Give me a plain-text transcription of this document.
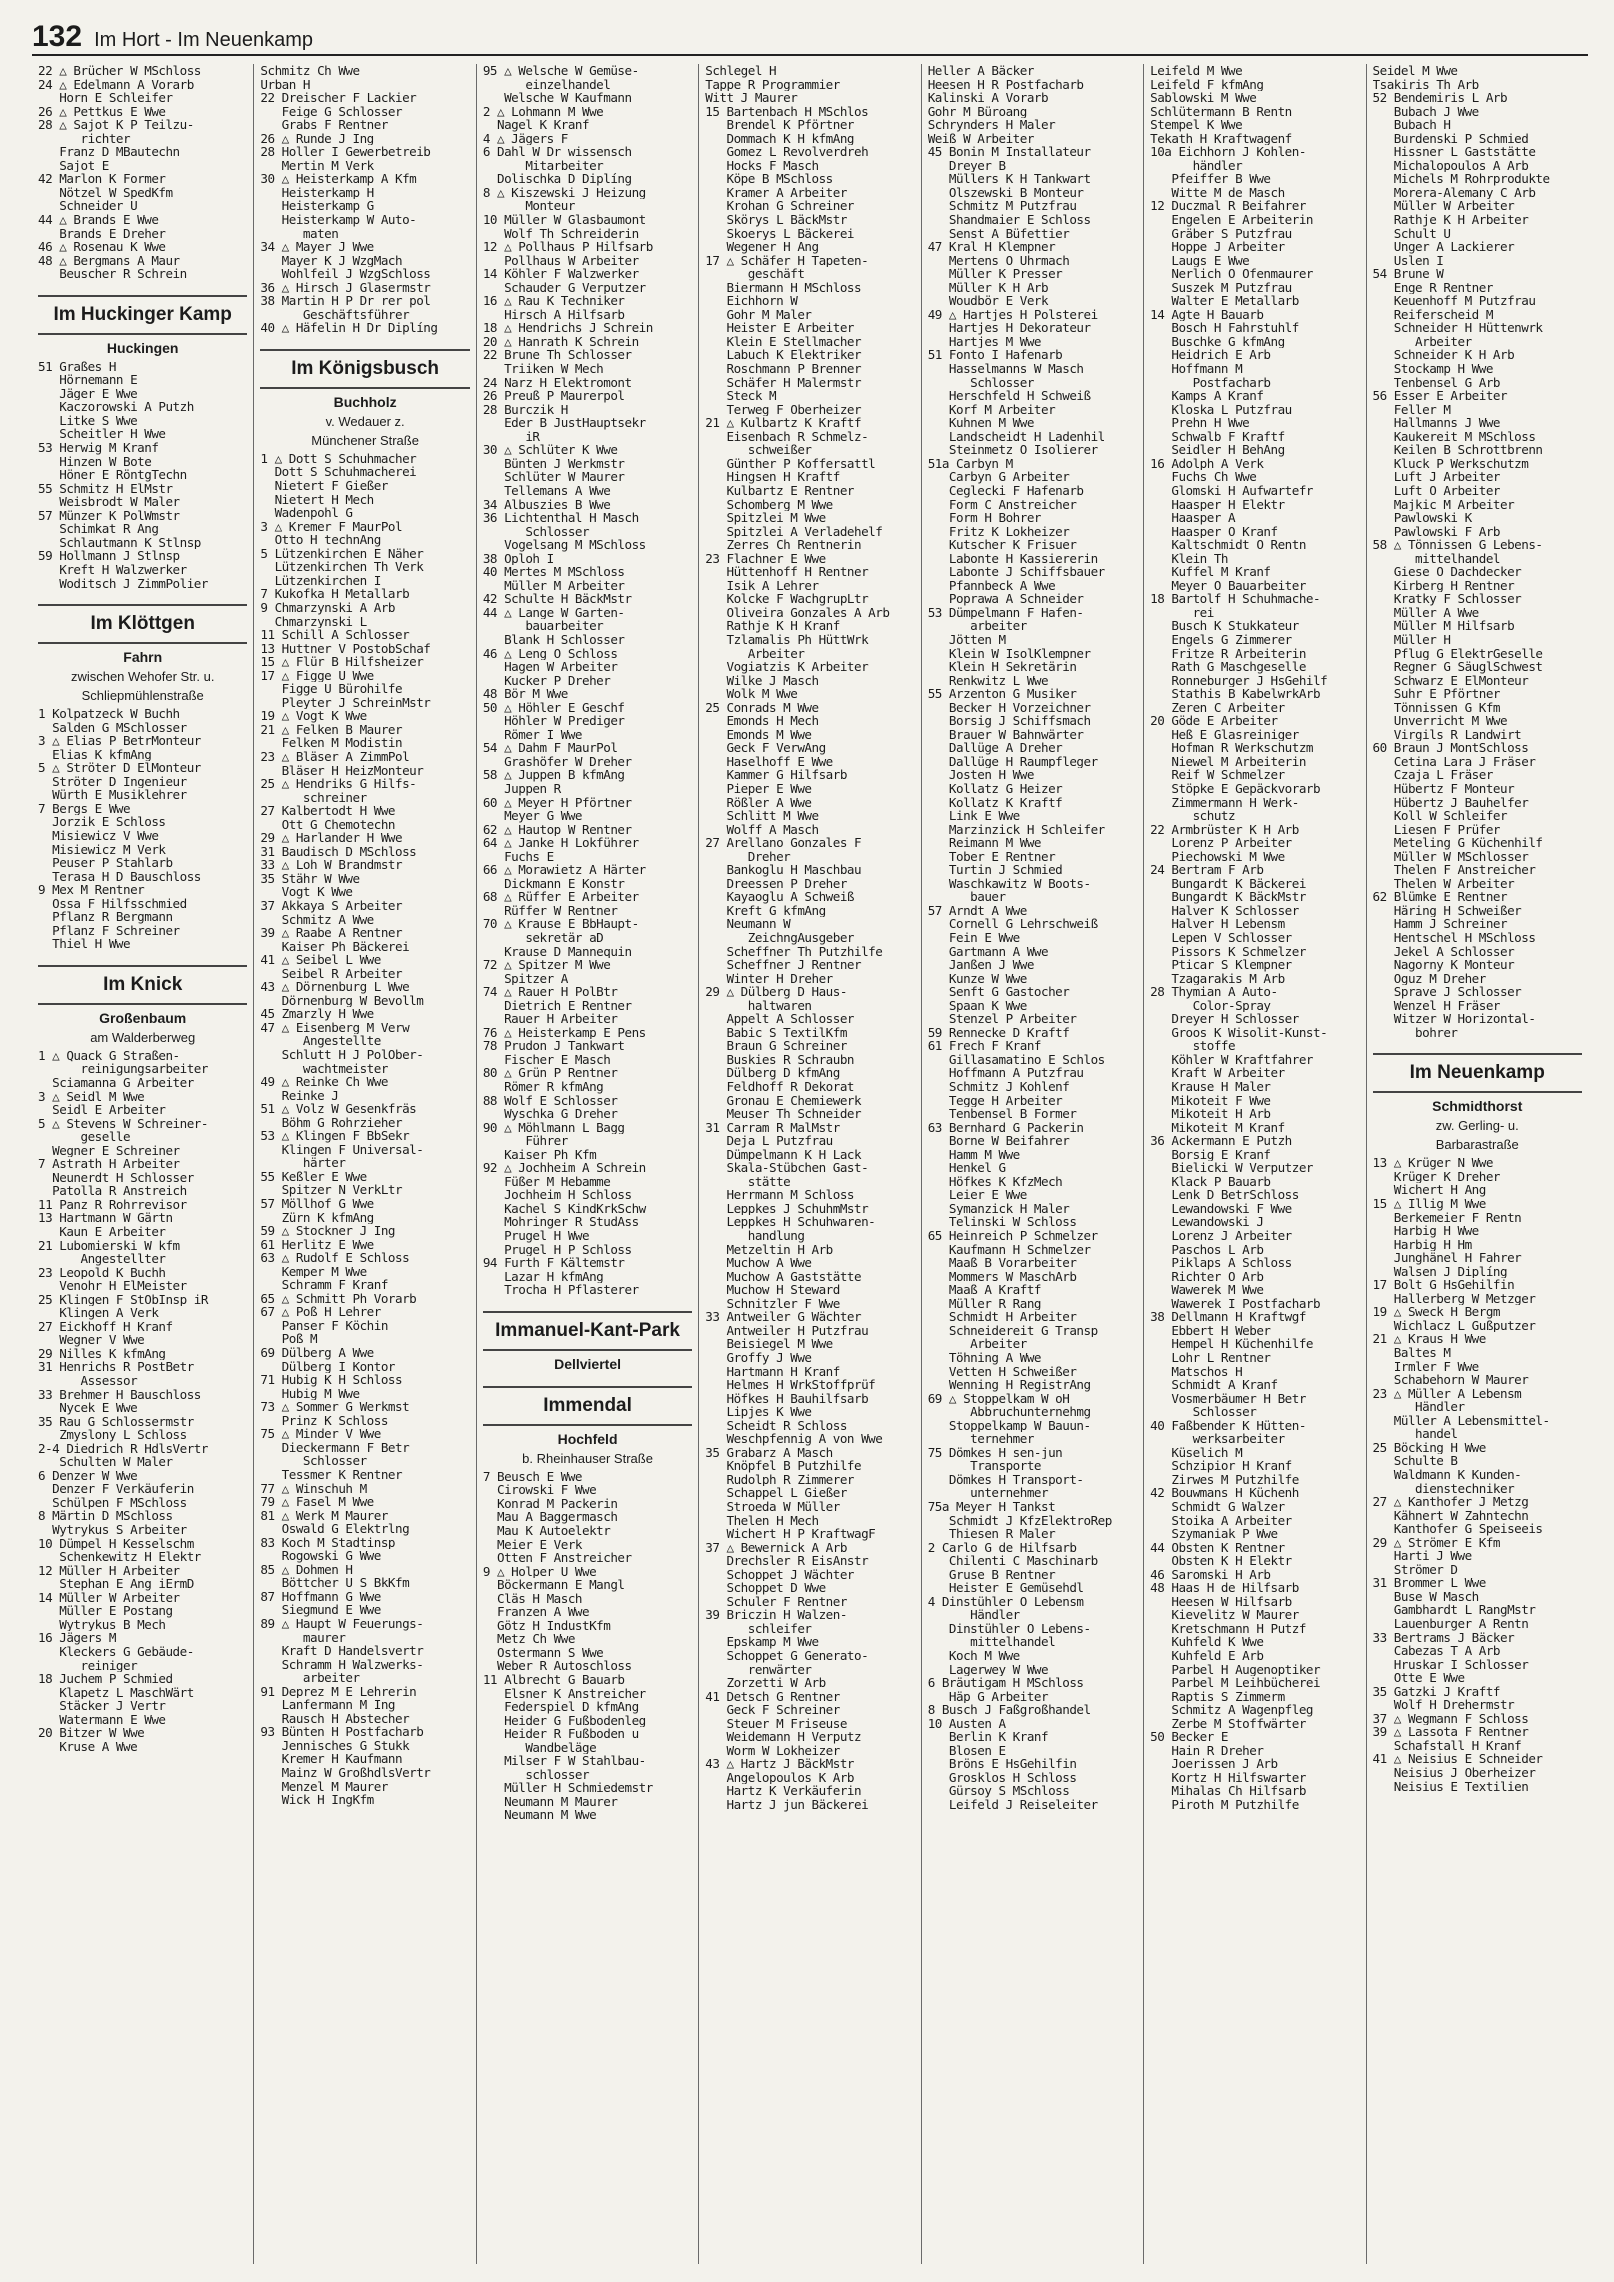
132 Im Hort - Im Neuenkamp
22 △ Brücher W MSchloss
24 △ Edelmann A Vorarb
Horn E Schleifer
26 △ Pettkus E Wwe
28 △ Sajot K P Teilzu-
richter
Franz D MBautechn
Sajot E
42 Marlon K Former
Nötzel W SpedKfm
Schneider U
44 △ Brands E Wwe
Brands E Dreher
46 △ Rosenau K Wwe
48 △ Bergmans A Maur
Beuscher R Schrein
Im Huckinger Kamp
Huckingen
51 Graßes H
Hörnemann E
Jäger E Wwe
Kaczorowski A Putzh
Litke S Wwe
Scheitler H Wwe
53 Herwig M Kranf
Hinzen W Bote
Höner E RöntgTechn
55 Schmitz H ElMstr
Weisbrodt W Maler
57 Münzer K PolWmstr
Schimkat R Ang
Schlautmann K Stlnsp
59 Hollmann J Stlnsp
Kreft H Walzwerker
Woditsch J ZimmPolier
Im Klöttgen
Fahrn
zwischen Wehofer Str. u.
Schliepmühlenstraße
1 Kolpatzeck W Buchh
Salden G MSchlosser
3 △ Elias P BetrMonteur
Elias K kfmAng
5 △ Ströter D ElMonteur
Ströter D Ingenieur
Würth E Musiklehrer
7 Bergs E Wwe
Jorzik E Schloss
Misiewicz V Wwe
Misiewicz M Verk
Peuser P Stahlarb
Terasa H D Bauschloss
9 Mex M Rentner
Ossa F Hilfsschmied
Pflanz R Bergmann
Pflanz F Schreiner
Thiel H Wwe
Im Knick
Großenbaum
am Walderberweg
1 △ Quack G Straßen-
reinigungsarbeiter
Sciamanna G Arbeiter
3 △ Seidl M Wwe
Seidl E Arbeiter
5 △ Stevens W Schreiner-
geselle
Wegner E Schreiner
7 Astrath H Arbeiter
Neunerdt H Schlosser
Patolla R Anstreich
11 Panz R Rohrrevisor
13 Hartmann W Gärtn
Kaun E Arbeiter
21 Lubomierski W kfm
Angestellter
23 Leopold K Buchh
Venohr H ElMeister
25 Klingen F StObInsp iR
Klingen A Verk
27 Eickhoff H Kranf
Wegner V Wwe
29 Nilles K kfmAng
31 Henrichs R PostBetr
Assessor
33 Brehmer H Bauschloss
Nycek E Wwe
35 Rau G Schlossermstr
Zmyslony L Schloss
2-4 Diedrich R HdlsVertr
Schulten W Maler
6 Denzer W Wwe
Denzer F Verkäuferin
Schülpen F MSchloss
8 Märtin D MSchloss
Wytrykus S Arbeiter
10 Dümpel H Kesselschm
Schenkewitz H Elektr
12 Müller H Arbeiter
Stephan E Ang iErmD
14 Müller W Arbeiter
Müller E Postang
Wytrykus B Mech
16 Jägers M
Kleckers G Gebäude-
reiniger
18 Juchem P Schmied
Klapetz L MaschWärt
Stäcker J Vertr
Watermann E Wwe
20 Bitzer W Wwe
Kruse A Wwe
Schmitz Ch Wwe
Urban H
22 Dreischer F Lackier
Feige G Schlosser
Grabs F Rentner
26 △ Runde J Ing
28 Holler I Gewerbetreib
Mertin M Verk
30 △ Heisterkamp A Kfm
Heisterkamp H
Heisterkamp G
Heisterkamp W Auto-
maten
34 △ Mayer J Wwe
Mayer K J WzgMach
Wohlfeil J WzgSchloss
36 △ Hirsch J Glasermstr
38 Martin H P Dr rer pol
Geschäftsführer
40 △ Häfelin H Dr Diplíng
Im Königsbusch
Buchholz
v. Wedauer z.
Münchener Straße
1 △ Dott S Schuhmacher
Dott S Schuhmacherei
Nietert F Gießer
Nietert H Mech
Wadenpohl G
3 △ Kremer F MaurPol
Otto H technAng
5 Lützenkirchen E Näher
Lützenkirchen Th Verk
Lützenkirchen I
7 Kukofka H Metallarb
9 Chmarzynski A Arb
Chmarzynski L
11 Schill A Schlosser
13 Huttner V PostobSchaf
15 △ Flür B Hilfsheizer
17 △ Figge U Wwe
Figge U Bürohilfe
Pleyter J SchreinMstr
19 △ Vogt K Wwe
21 △ Felken B Maurer
Felken M Modistin
23 △ Bläser A ZimmPol
Bläser H HeizMonteur
25 △ Hendriks G Hilfs-
schreiner
27 Kalbertodt H Wwe
Ott G Chemotechn
29 △ Harlander H Wwe
31 Baudisch D MSchloss
33 △ Loh W Brandmstr
35 Stähr W Wwe
Vogt K Wwe
37 Akkaya S Arbeiter
Schmitz A Wwe
39 △ Raabe A Rentner
Kaiser Ph Bäckerei
41 △ Seibel L Wwe
Seibel R Arbeiter
43 △ Dörnenburg L Wwe
Dörnenburg W Bevollm
45 Zmarzly H Wwe
47 △ Eisenberg M Verw
Angestellte
Schlutt H J PolOber-
wachtmeister
49 △ Reinke Ch Wwe
Reinke J
51 △ Volz W Gesenkfräs
Böhm G Rohrzieher
53 △ Klingen F BbSekr
Klingen F Universal-
härter
55 Keßler E Wwe
Spitzer N VerkLtr
57 Möllhof G Wwe
Zürn K kfmAng
59 △ Stockner J Ing
61 Herlitz E Wwe
63 △ Rudolf E Schloss
Kemper M Wwe
Schramm F Kranf
65 △ Schmitt Ph Vorarb
67 △ Poß H Lehrer
Panser F Köchin
Poß M
69 Dülberg A Wwe
Dülberg I Kontor
71 Hubig K H Schloss
Hubig M Wwe
73 △ Sommer G Werkmst
Prinz K Schloss
75 △ Minder V Wwe
Dieckermann F Betr
Schlosser
Tessmer K Rentner
77 △ Winschuh M
79 △ Fasel M Wwe
81 △ Werk M Maurer
Oswald G Elektrlng
83 Koch M Stadtinsp
Rogowski G Wwe
85 △ Dohmen H
Böttcher U S BkKfm
87 Hoffmann G Wwe
Siegmund E Wwe
89 △ Haupt W Feuerungs-
maurer
Kraft D Handelsvertr
Schramm H Walzwerks-
arbeiter
91 Deprez M E Lehrerin
Lanfermann M Ing
Rausch H Abstecher
93 Bünten H Postfacharb
Jennisches G Stukk
Kremer H Kaufmann
Mainz W GroßhdlsVertr
Menzel M Maurer
Wick H IngKfm
95 △ Welsche W Gemüse-
einzelhandel
Welsche W Kaufmann
2 △ Lohmann M Wwe
Nagel K Kranf
4 △ Jägers F
6 Dahl W Dr wissensch
Mitarbeiter
Dolischka D Diplíng
8 △ Kiszewski J Heizung
Monteur
10 Müller W Glasbaumont
Wolf Th Schreiderin
12 △ Pollhaus P Hilfsarb
Pollhaus W Arbeiter
14 Köhler F Walzwerker
Schauder G Verputzer
16 △ Rau K Techniker
Hirsch A Hilfsarb
18 △ Hendrichs J Schrein
20 △ Hanrath K Schrein
22 Brune Th Schlosser
Triiken W Mech
24 Narz H Elektromont
26 Preuß P Maurerpol
28 Burczik H
Eder B JustHauptsekr
iR
30 △ Schlüter K Wwe
Bünten J Werkmstr
Schlüter W Maurer
Tellemans A Wwe
34 Albuszies B Wwe
36 Lichtenthal H Masch
Schlosser
Vogelsang M MSchloss
38 Oploh I
40 Mertes M MSchloss
Müller M Arbeiter
42 Schulte H BäckMstr
44 △ Lange W Garten-
bauarbeiter
Blank H Schlosser
46 △ Leng O Schloss
Hagen W Arbeiter
Kucker P Dreher
48 Bör M Wwe
50 △ Höhler E Geschf
Höhler W Prediger
Römer I Wwe
54 △ Dahm F MaurPol
Grashöfer W Dreher
58 △ Juppen B kfmAng
Juppen R
60 △ Meyer H Pförtner
Meyer G Wwe
62 △ Hautop W Rentner
64 △ Janke H Lokführer
Fuchs E
66 △ Morawietz A Härter
Dickmann E Konstr
68 △ Rüffer E Arbeiter
Rüffer W Rentner
70 △ Krause E BbHaupt-
sekretär aD
Krause D Mannequin
72 △ Spitzer M Wwe
Spitzer A
74 △ Rauer H PolBtr
Dietrich E Rentner
Rauer H Arbeiter
76 △ Heisterkamp E Pens
78 Prudon J Tankwart
Fischer E Masch
80 △ Grün P Rentner
Römer R kfmAng
88 Wolf E Schlosser
Wyschka G Dreher
90 △ Möhlmann L Bagg
Führer
Kaiser Ph Kfm
92 △ Jochheim A Schrein
Füßer M Hebamme
Jochheim H Schloss
Kachel S KindKrkSchw
Mohringer R StudAss
Prugel H Wwe
Prugel H P Schloss
94 Furth F Kältemstr
Lazar H kfmAng
Trocha H Pflasterer
Immanuel-Kant-Park
Dellviertel
Immendal
Hochfeld
b. Rheinhauser Straße
7 Beusch E Wwe
Cirowski F Wwe
Konrad M Packerin
Mau A Baggermasch
Mau K Autoelektr
Meier E Verk
Otten F Anstreicher
9 △ Holper U Wwe
Böckermann E Mangl
Cläs H Masch
Franzen A Wwe
Götz H IndustKfm
Metz Ch Wwe
Ostermann S Wwe
Weber R Autoschloss
11 Albrecht G Bauarb
Elsner K Anstreicher
Federspiel D kfmAng
Heider G Fußbodenleg
Heider R Fußboden u
Wandbeläge
Milser F W Stahlbau-
schlosser
Müller H Schmiedemstr
Neumann M Maurer
Neumann M Wwe
Schlegel H
Tappe R Programmier
Witt J Maurer
15 Bartenbach H MSchlos
Brendel K Pförtner
Dommach K H kfmAng
Gomez L Revolverdreh
Hocks F Masch
Köpe B MSchloss
Kramer A Arbeiter
Krohan G Schreiner
Skörys L BäckMstr
Skoerys L Bäckerei
Wegener H Ang
17 △ Schäfer H Tapeten-
geschäft
Biermann H MSchloss
Eichhorn W
Gohr M Maler
Heister E Arbeiter
Klein E Stellmacher
Labuch K Elektriker
Roschmann P Brenner
Schäfer H Malermstr
Steck M
Terweg F Oberheizer
21 △ Kulbartz K Kraftf
Eisenbach R Schmelz-
schweißer
Günther P Koffersattl
Hingsen H Kraftf
Kulbartz E Rentner
Schomberg M Wwe
Spitzlei M Wwe
Spitzlei A Verladehelf
Zerres Ch Rentnerin
23 Flachner E Wwe
Hüttenhoff H Rentner
Isik A Lehrer
Kolcke F WachgrupLtr
Oliveira Gonzales A Arb
Rathje K H Kranf
Tzlamalis Ph HüttWrk
Arbeiter
Vogiatzis K Arbeiter
Wilke J Masch
Wolk M Wwe
25 Conrads M Wwe
Emonds H Mech
Emonds M Wwe
Geck F VerwAng
Haselhoff E Wwe
Kammer G Hilfsarb
Pieper E Wwe
Rößler A Wwe
Schlitt M Wwe
Wolff A Masch
27 Arellano Gonzales F
Dreher
Bankoglu H Maschbau
Dreessen P Dreher
Kayaoglu A Schweiß
Kreft G kfmAng
Neumann W
ZeichngAusgeber
Scheffner Th Putzhilfe
Scheffner J Rentner
Winter H Dreher
29 △ Dülberg D Haus-
haltwaren
Appelt A Schlosser
Babic S TextilKfm
Braun G Schreiner
Buskies R Schraubn
Dülberg D kfmAng
Feldhoff R Dekorat
Gronau E Chemiewerk
Meuser Th Schneider
31 Carram R MalMstr
Deja L Putzfrau
Dümpelmann K H Lack
Skala-Stübchen Gast-
stätte
Herrmann M Schloss
Leppkes J SchuhmMstr
Leppkes H Schuhwaren-
handlung
Metzeltin H Arb
Muchow A Wwe
Muchow A Gaststätte
Muchow H Steward
Schnitzler F Wwe
33 Antweiler G Wächter
Antweiler H Putzfrau
Beisiegel M Wwe
Groffy J Wwe
Hartmann H Kranf
Helmes H WrkStoffprüf
Höfkes H Bauhilfsarb
Lipjes K Wwe
Scheidt R Schloss
Weschpfennig A von Wwe
35 Grabarz A Masch
Knöpfel B Putzhilfe
Rudolph R Zimmerer
Schappel L Gießer
Stroeda W Müller
Thelen H Mech
Wichert H P KraftwagF
37 △ Bewernick A Arb
Drechsler R EisAnstr
Schoppet J Wächter
Schoppet D Wwe
Schuler F Rentner
39 Briczin H Walzen-
schleifer
Epskamp M Wwe
Schoppet G Generato-
renwärter
Zorzetti W Arb
41 Detsch G Rentner
Geck F Schreiner
Steuer M Friseuse
Weidemann H Verputz
Worm W Lokheizer
43 △ Hartz J BäckMstr
Angelopoulos K Arb
Hartz K Verkäuferin
Hartz J jun Bäckerei
Heller A Bäcker
Heesen H R Postfacharb
Kalinski A Vorarb
Gohr M Büroang
Schrynders H Maler
Weiß W Arbeiter
45 Bonin M Installateur
Dreyer B
Müllers K H Tankwart
Olszewski B Monteur
Schmitz M Putzfrau
Shandmaier E Schloss
Senst A Büfettier
47 Kral H Klempner
Mertens O Uhrmach
Müller K Presser
Müller K H Arb
Woudbör E Verk
49 △ Hartjes H Polsterei
Hartjes H Dekorateur
Hartjes M Wwe
51 Fonto I Hafenarb
Hasselmanns W Masch
Schlosser
Herschfeld H Schweiß
Korf M Arbeiter
Kuhnen M Wwe
Landscheidt H Ladenhil
Steinmetz O Isolierer
51a Carbyn M
Carbyn G Arbeiter
Ceglecki F Hafenarb
Form C Anstreicher
Form H Bohrer
Fritz K Lokheizer
Kutscher K Frisuer
Labonte H Kassiererin
Labonte J Schiffsbauer
Pfannbeck A Wwe
Poprawa A Schneider
53 Dümpelmann F Hafen-
arbeiter
Jötten M
Klein W IsolKlempner
Klein H Sekretärin
Renkwitz L Wwe
55 Arzenton G Musiker
Becker H Vorzeichner
Borsig J Schiffsmach
Brauer W Bahnwärter
Dallüge A Dreher
Dallüge H Raumpfleger
Josten H Wwe
Kollatz G Heizer
Kollatz K Kraftf
Link E Wwe
Marzinzick H Schleifer
Reimann M Wwe
Tober E Rentner
Turtin J Schmied
Waschkawitz W Boots-
bauer
57 Arndt A Wwe
Cornell G Lehrschweiß
Fein E Wwe
Gartmann A Wwe
Janßen J Wwe
Kunze W Wwe
Senft G Gastocher
Spaan K Wwe
Stenzel P Arbeiter
59 Rennecke D Kraftf
61 Frech F Kranf
Gillasamatino E Schlos
Hoffmann A Putzfrau
Schmitz J Kohlenf
Tegge H Arbeiter
Tenbensel B Former
63 Bernhard G Packerin
Borne W Beifahrer
Hamm M Wwe
Henkel G
Höfkes K KfzMech
Leier E Wwe
Symanzick H Maler
Telinski W Schloss
65 Heinreich P Schmelzer
Kaufmann H Schmelzer
Maaß B Vorarbeiter
Mommers W MaschArb
Maaß A Kraftf
Müller R Rang
Schmidt H Arbeiter
Schneidereit G Transp
Arbeiter
Töhning A Wwe
Vetten H Schweißer
Wenning H RegistrAng
69 △ Stoppelkam W oH
Abbruchunternehmg
Stoppelkamp W Bauun-
ternehmer
75 Dömkes H sen-jun
Transporte
Dömkes H Transport-
unternehmer
75a Meyer H Tankst
Schmidt J KfzElektroRep
Thiesen R Maler
2 Carlo G de Hilfsarb
Chilenti C Maschinarb
Gruse B Rentner
Heister E Gemüsehdl
4 Dinstühler O Lebensm
Händler
Dinstühler O Lebens-
mittelhandel
Koch M Wwe
Lagerwey W Wwe
6 Bräutigam H MSchloss
Häp G Arbeiter
8 Busch J Faßgroßhandel
10 Austen A
Berlin K Kranf
Blosen E
Bröns E HsGehilfin
Grosklos H Schloss
Gürsoy S MSchloss
Leifeld J Reiseleiter
Leifeld M Wwe
Leifeld F kfmAng
Sablowski M Wwe
Schlütermann B Rentn
Stempel K Wwe
Tekath H Kraftwagenf
10a Eichhorn J Kohlen-
händler
Pfeiffer B Wwe
Witte M de Masch
12 Duczmal R Beifahrer
Engelen E Arbeiterin
Gräber S Putzfrau
Hoppe J Arbeiter
Laugs E Wwe
Nerlich O Ofenmaurer
Suszek M Putzfrau
Walter E Metallarb
14 Agte H Bauarb
Bosch H Fahrstuhlf
Buschke G kfmAng
Heidrich E Arb
Hoffmann M
Postfacharb
Kamps A Kranf
Kloska L Putzfrau
Prehn H Wwe
Schwalb F Kraftf
Seidler H BehAng
16 Adolph A Verk
Fuchs Ch Wwe
Glomski H Aufwartefr
Haasper H Elektr
Haasper A
Haasper O Kranf
Kaltschmidt O Rentn
Klein Th
Kuffel M Kranf
Meyer O Bauarbeiter
18 Bartolf H Schuhmache-
rei
Busch K Stukkateur
Engels G Zimmerer
Fritze R Arbeiterin
Rath G Maschgeselle
Ronneburger J HsGehilf
Stathis B KabelwrkArb
Zeren C Arbeiter
20 Göde E Arbeiter
Heß E Glasreiniger
Hofman R Werkschutzm
Niewel M Arbeiterin
Reif W Schmelzer
Stöpke E Gepäckvorarb
Zimmermann H Werk-
schutz
22 Armbrüster K H Arb
Lorenz P Arbeiter
Piechowski M Wwe
24 Bertram F Arb
Bungardt K Bäckerei
Bungardt K BäckMstr
Halver K Schlosser
Halver H Lebensm
Lepen V Schlosser
Pissors K Schmelzer
Pticar S Klempner
Tzagarakis M Arb
28 Thymian A Auto-
Color-Spray
Dreyer H Schlosser
Groos K Wisolit-Kunst-
stoffe
Köhler W Kraftfahrer
Kraft W Arbeiter
Krause H Maler
Mikoteit F Wwe
Mikoteit H Arb
Mikoteit M Kranf
36 Ackermann E Putzh
Borsig E Kranf
Bielicki W Verputzer
Klack P Bauarb
Lenk D BetrSchloss
Lewandowski F Wwe
Lewandowski J
Lorenz J Arbeiter
Paschos L Arb
Piklaps A Schloss
Richter O Arb
Wawerek M Wwe
Wawerek I Postfacharb
38 Dellmann H Kraftwgf
Ebbert H Weber
Hempel H Küchenhilfe
Lohr L Rentner
Matschos H
Schmidt A Kranf
Vosmerbäumer H Betr
Schlosser
40 Faßbender K Hütten-
werksarbeiter
Küselich M
Schzipior H Kranf
Zirwes M Putzhilfe
42 Bouwmans H Küchenh
Schmidt G Walzer
Stoika A Arbeiter
Szymaniak P Wwe
44 Obsten K Rentner
Obsten K H Elektr
46 Saromski H Arb
48 Haas H de Hilfsarb
Heesen W Hilfsarb
Kievelitz W Maurer
Kretschmann H Putzf
Kuhfeld K Wwe
Kuhfeld E Arb
Parbel H Augenoptiker
Parbel M Leihbücherei
Raptis S Zimmerm
Schmitz A Wagenpfleg
Zerbe M Stoffwärter
50 Becker E
Hain R Dreher
Joerissen J Arb
Kortz H Hilfswarter
Mihalas Ch Hilfsarb
Piroth M Putzhilfe
Seidel M Wwe
Tsakiris Th Arb
52 Bendemiris L Arb
Bubach J Wwe
Bubach H
Burdenski P Schmied
Hissner L Gaststätte
Michalopoulos A Arb
Michels M Rohrprodukte
Morera-Alemany C Arb
Müller W Arbeiter
Rathje K H Arbeiter
Schult U
Unger A Lackierer
Uslen I
54 Brune W
Enge R Rentner
Keuenhoff M Putzfrau
Reiferscheid M
Schneider H Hüttenwrk
Arbeiter
Schneider K H Arb
Stockamp H Wwe
Tenbensel G Arb
56 Esser E Arbeiter
Feller M
Hallmanns J Wwe
Kaukereit M MSchloss
Keilen B Schrottbrenn
Kluck P Werkschutzm
Luft J Arbeiter
Luft O Arbeiter
Majkic M Arbeiter
Pawlowski K
Pawlowski F Arb
58 △ Tönnissen G Lebens-
mittelhandel
Giese O Dachdecker
Kirberg H Rentner
Kratky F Schlosser
Müller A Wwe
Müller M Hilfsarb
Müller H
Pflug G ElektrGeselle
Regner G SäuglSchwest
Schwarz E ElMonteur
Suhr E Pförtner
Tönnissen G Kfm
Unverricht M Wwe
Virgils R Landwirt
60 Braun J MontSchloss
Cetina Lara J Fräser
Czaja L Fräser
Hübertz F Monteur
Hübertz J Bauhelfer
Koll W Schleifer
Liesen F Prüfer
Meteling G Küchenhilf
Müller W MSchlosser
Thelen F Anstreicher
Thelen W Arbeiter
62 Blümke E Rentner
Häring H Schweißer
Hamm J Schreiner
Hentschel H MSchloss
Jekel A Schlosser
Nagorny K Monteur
Oguz M Dreher
Sprave J Schlosser
Wenzel H Fräser
Witzer W Horizontal-
bohrer
Im Neuenkamp
Schmidthorst
zw. Gerling- u.
Barbarastraße
13 △ Krüger N Wwe
Krüger K Dreher
Wichert H Ang
15 △ Illig M Wwe
Berkemeier F Rentn
Harbig H Wwe
Harbig H Hm
Junghänel H Fahrer
Walsen J Diplíng
17 Bolt G HsGehilfin
Hallerberg W Metzger
19 △ Sweck H Bergm
Wichlacz L Gußputzer
21 △ Kraus H Wwe
Baltes M
Irmler F Wwe
Schabehorn W Maurer
23 △ Müller A Lebensm
Händler
Müller A Lebensmittel-
handel
25 Böcking H Wwe
Schulte B
Waldmann K Kunden-
dienstechniker
27 △ Kanthofer J Metzg
Kähnert W Zahntechn
Kanthofer G Speiseeis
29 △ Strömer E Kfm
Harti J Wwe
Strömer D
31 Brommer L Wwe
Buse W Masch
Gambhardt L RangMstr
Lauenburger A Rentn
33 Bertrams J Bäcker
Cabezas T A Arb
Hruskar I Schlosser
Otte E Wwe
35 Gatzki J Kraftf
Wolf H Drehermstr
37 △ Wegmann F Schloss
39 △ Lassota F Rentner
Schafstall H Kranf
41 △ Neisius E Schneider
Neisius J Oberheizer
Neisius E Textilien
